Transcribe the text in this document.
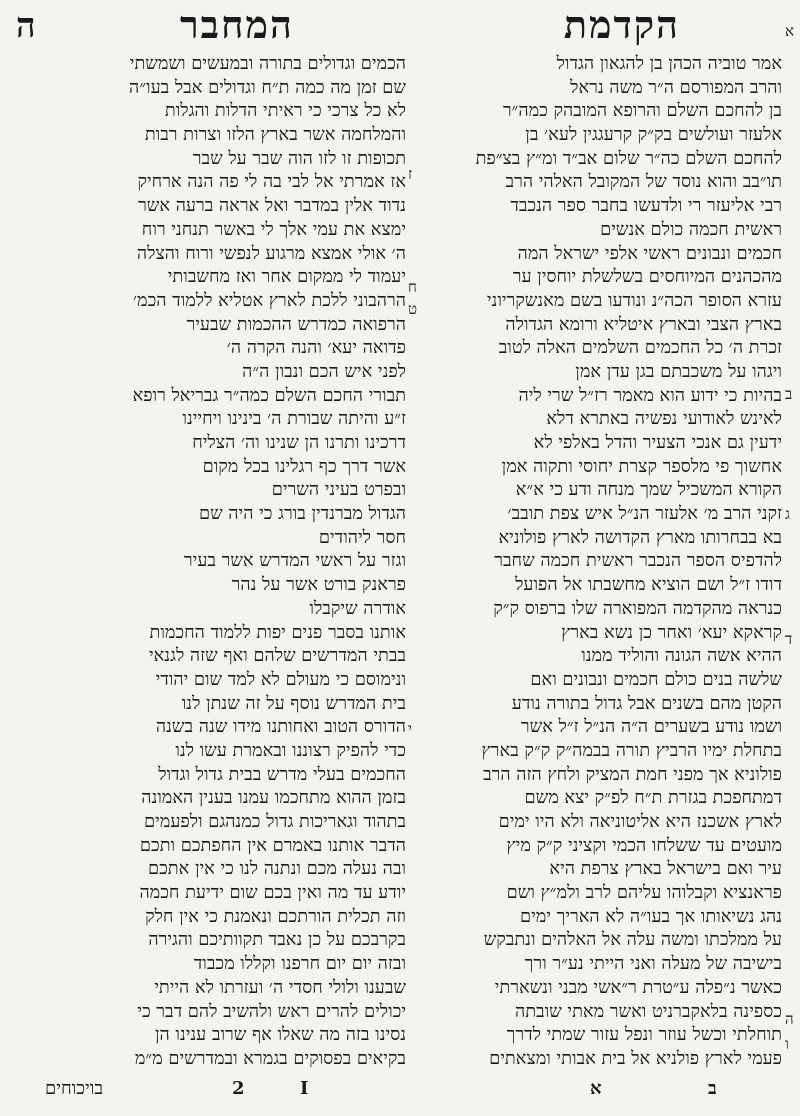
ה	המחבר	הקדמת	א
ב
ג
ד
ה
ו
ז
ח
ט
י
אמר טוביה הכהן בן להגאון הגדול
והרב המפורסם ה״ר משה נראל
בן להחכם השלם והרופא המובהק כמה״ר
אלעזר ועולשים בק״ק קרעגגין לעא׳ בן
להחכם השלם כה״ר שלום אב״ד ומ״ץ בצ״פת
תו״בב והוא נוסד של המקובל האלהי הרב
רבי אליעזר רי ולדעשו בחבר ספר הנכבד
ראשית חכמה כולם אנשים
חכמים ונבונים ראשי אלפי ישראל המה
מהכהנים המיוחסים בשלשלת יוחסין ער
עזרא הסופר הכה״נ ונודעו בשם מאנשקריוני
בארץ הצבי ובארץ איטליא ורומא הגדולה
זכרת ה׳ כל החכמים השלמים האלה לטוב
ויגהו על משכבתם בגן עדן אמן
בהיות כי ידוע הוא מאמר רז״ל שרי ליה
לאינש לאודועי נפשיה באתרא דלא
ידעין גם אנכי הצעיר והדל באלפי לא
אחשוך פי מלספר קצרת יחוסי ותקוה אמן
הקורא המשכיל שמך מנחה ודע כי א״א
זקני הרב מ׳ אלעזר הנ״ל איש צפת תובב׳
בא בבחרותו מארץ הקדושה לארץ פולוניא
להדפיס הספר הנכבר ראשית חכמה שחבר
דודו ז״ל ושם הוציא מחשבתו אל הפועל
כנראה מהקדמה המפוארה שלו ברפוס ק״ק
קראקא יעא׳ ואחר כן נשא בארץ
ההיא אשה הגונה והוליד ממנו
שלשה בנים כולם חכמים ונבונים ואם
הקטן מהם בשנים אבל גדול בתורה נודע
ושמו נודע בשערים ה״ה הנ״ל ז״ל אשר
בתחלת ימיו הרביץ תורה בבמה״ק ק״ק בארץ
פולוניא אך מפני חמת המציק ולחץ הזה הרב
דמתחפכת בגזרת ת״ח לפ״ק יצא משם
לארץ אשכנז היא אליטוניאה ולא היו ימים
מועטים עד ששלחו הכמי וקציני ק״ק מיץ
עיר ואם בישראל בארץ צרפת היא
פראנציא וקבלוהו עליהם לרב ולמ״ץ ושם
נהג נשיאותו אך בעו״ה לא האריך ימים
על ממלכתו ומשה עלה אל האלהים ונתבקש
בישיבה של מעלה ואני הייתי נע״ר ורך
כאשר נ״פלה ע״טרת ר״אשי מבני ונשארתי
כספינה בלאקברניט ואשר מאתי שובתה
תוחלתי וכשל עוזר ונפל עזור שמתי לדרך
פעמי לארץ פולניא אל בית אבותי ומצאתים
הכמים וגדולים בתורה ובמעשים ושמשתי
שם זמן מה כמה ת״ח וגדולים אבל בעו״ה
לא כל צרכי כי ראיתי הדלות והגלות
והמלחמה אשר בארץ הלזו וצרות רבות
תכופות זו לזו הוה שבר על שבר
אז אמרתי אל לבי בה לי פה הנה ארחיק
נדוד אלין במדבר ואל אראה ברעה אשר
ימצא את עמי אלך לי באשר תנחני רוח
ה׳ אולי אמצא מרגוע לנפשי ורוח והצלה
יעמוד לי ממקום אחר ואז מחשבותי
הרהבוני ללכת לארץ אטליא ללמוד הכמ׳
הרפואה כמדרש ההכמות שבעיר
פדואה יעא׳ והנה הקרה ה׳
לפני איש הכם ונבון ה״ה
תבורי החכם השלם כמה״ר גבריאל רופא
ז״ע והיתה שבורת ה׳ בינינו ויחיינו
דרכינו ותרנו הן שנינו וה׳ הצליח
אשר דרך כף רגלינו בכל מקום
ובפרט בעיני השרים
הגדול מברנדין בורג כי היה שם
חסר ליהודים
וגזר על ראשי המדרש אשר בעיר
פראנק בורט אשר על נהר
אודרה שיקבלו
אותנו בסבר פנים יפות ללמוד החכמות
בבתי המדרשים שלהם ואף שזה לגנאי
ונימוסם כי מעולם לא למד שום יהודי
בית המדרש נוסף על זה שנתן לנו
הדורס הטוב ואחותנו מידו שנה בשנה
כדי להפיק רצוננו ובאמרת עשו לנו
החכמים בעלי מדרש בבית גדול וגדול
בזמן ההוא מתחכמו עמנו בענין האמונה
בתהוד וגאריכות גדול כמנהגם ולפעמים
הדבר אותנו באמרם אין החפתכם ותכם
ובה נעלה מכם ונתנה לנו כי אין אתכם
יודע עד מה ואין בכם שום ידיעת חכמה
וזה תכלית הורתכם ונאמנת כי אין חלק
בקרבכם על כן נאבד תקוותיכם והגירה
ובזה יום יום חרפנו וקללו מכבוד
שבענו ולולי חסדי ה׳ ועזרתו לא הייתי
יכולים להרים ראש ולהשיב להם דבר כי
נסינו בזה מה שאלו אף שרוב ענינו הן
בקיאים בפסוקים בגמרא ובמדרשים מ״מ
ב
א
בויכוחים	2	I
